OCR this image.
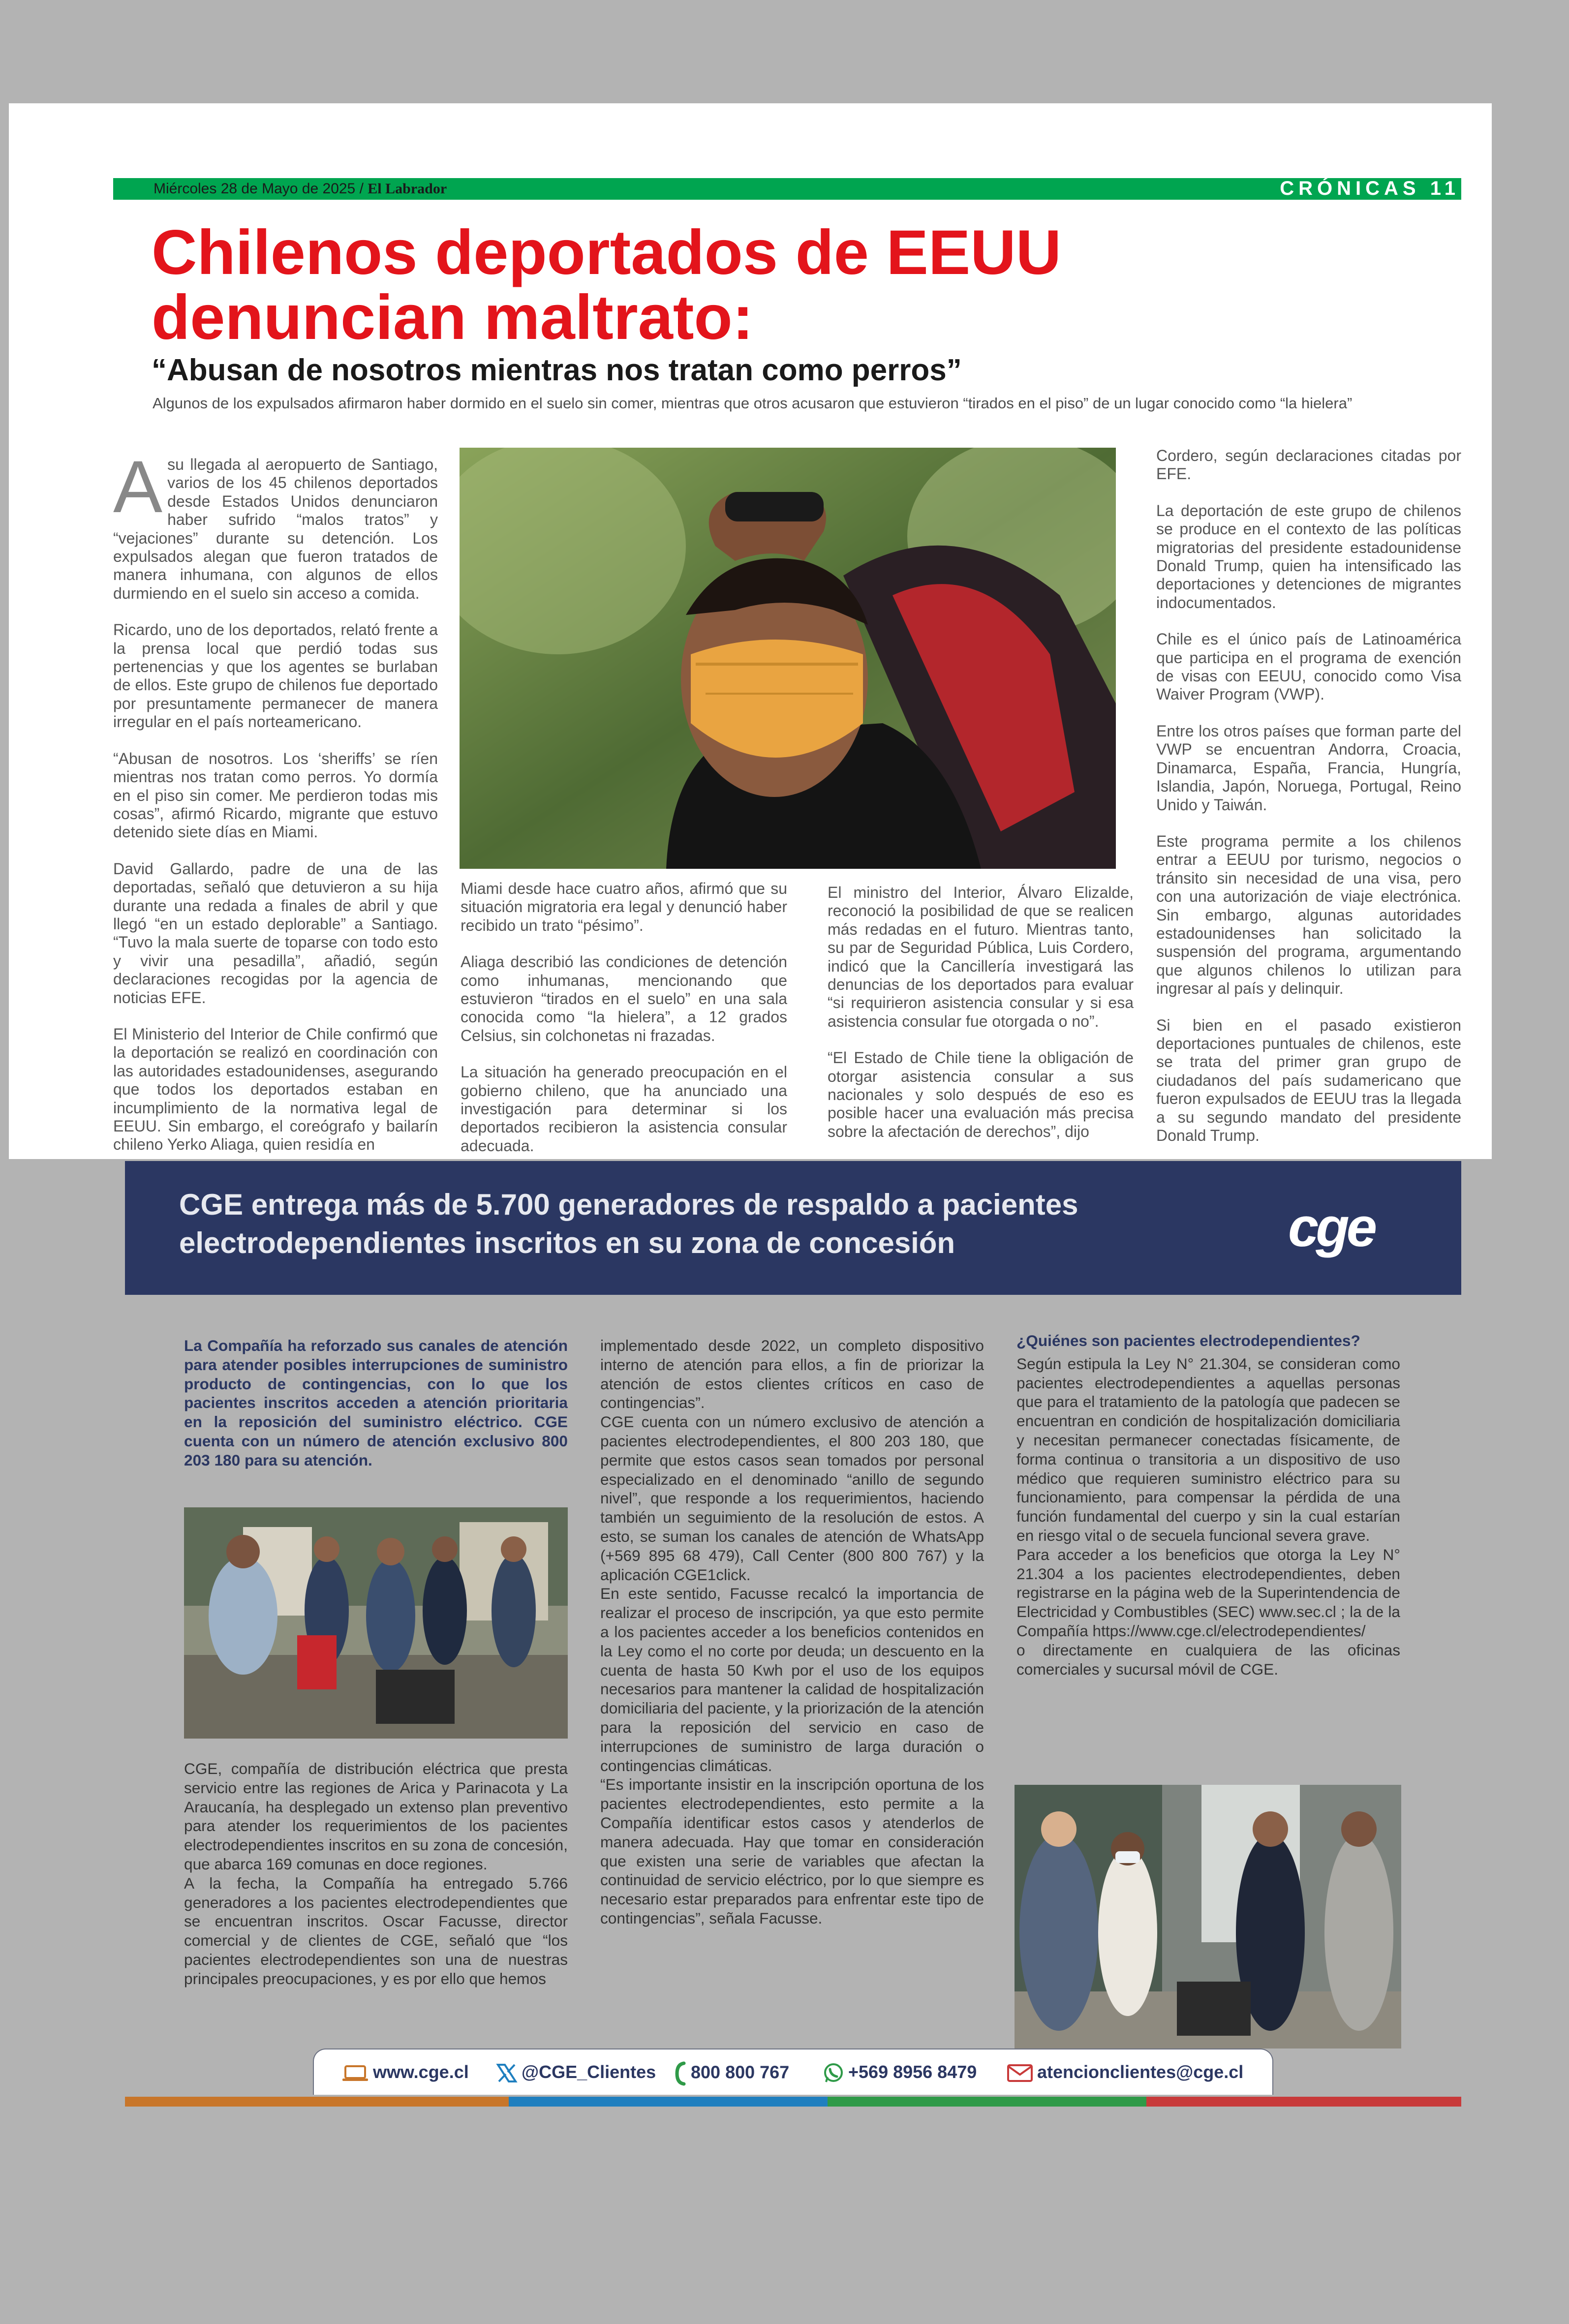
Miércoles 28 de Mayo de 2025 / El Labrador	CRÓNICAS 11
Chilenos deportados de EEUU denuncian maltrato:
“Abusan de nosotros mientras nos tratan como perros”
Algunos de los expulsados afirmaron haber dormido en el suelo sin comer, mientras que otros acusaron que estuvieron “tirados en el piso” de un lugar conocido como “la hielera”

Asu llegada al aeropuerto de Santiago, varios de los 45 chilenos deportados desde Estados Unidos denunciaron haber sufrido “malos tratos” y “vejaciones” durante su detención. Los expulsados alegan que fueron tratados de manera inhumana, con algunos de ellos durmiendo en el suelo sin acceso a comida.

Ricardo, uno de los deportados, relató frente a la prensa local que perdió todas sus pertenencias y que los agentes se burlaban de ellos. Este grupo de chilenos fue deportado por presuntamente permanecer de manera irregular en el país norteamericano.

“Abusan de nosotros. Los ‘sheriffs’ se ríen mientras nos tratan como perros. Yo dormía en el piso sin comer. Me perdieron todas mis cosas”, afirmó Ricardo, migrante que estuvo detenido siete días en Miami.

David Gallardo, padre de una de las deportadas, señaló que detuvieron a su hija durante una redada a finales de abril y que llegó “en un estado deplorable” a Santiago. “Tuvo la mala suerte de toparse con todo esto y vivir una pesadilla”, añadió, según declaraciones recogidas por la agencia de noticias EFE.

El Ministerio del Interior de Chile confirmó que la deportación se realizó en coordinación con las autoridades estadounidenses, asegurando que todos los deportados estaban en incumplimiento de la normativa legal de EEUU. Sin embargo, el coreógrafo y bailarín chileno Yerko Aliaga, quien residía en

Miami desde hace cuatro años, afirmó que su situación migratoria era legal y denunció haber recibido un trato “pésimo”.

Aliaga describió las condiciones de detención como inhumanas, mencionando que estuvieron “tirados en el suelo” en una sala conocida como “la hielera”, a 12 grados Celsius, sin colchonetas ni frazadas.

La situación ha generado preocupación en el gobierno chileno, que ha anunciado una investigación para determinar si los deportados recibieron la asistencia consular adecuada.

El ministro del Interior, Álvaro Elizalde, reconoció la posibilidad de que se realicen más redadas en el futuro. Mientras tanto, su par de Seguridad Pública, Luis Cordero, indicó que la Cancillería investigará las denuncias de los deportados para evaluar “si requirieron asistencia consular y si esa asistencia consular fue otorgada o no”.

“El Estado de Chile tiene la obligación de otorgar asistencia consular a sus nacionales y solo después de eso es posible hacer una evaluación más precisa sobre la afectación de derechos”, dijo

Cordero, según declaraciones citadas por EFE.

La deportación de este grupo de chilenos se produce en el contexto de las políticas migratorias del presidente estadounidense Donald Trump, quien ha intensificado las deportaciones y detenciones de migrantes indocumentados.

Chile es el único país de Latinoamérica que participa en el programa de exención de visas con EEUU, conocido como Visa Waiver Program (VWP).

Entre los otros países que forman parte del VWP se encuentran Andorra, Croacia, Dinamarca, España, Francia, Hungría, Islandia, Japón, Noruega, Portugal, Reino Unido y Taiwán.

Este programa permite a los chilenos entrar a EEUU por turismo, negocios o tránsito sin necesidad de una visa, pero con una autorización de viaje electrónica. Sin embargo, algunas autoridades estadounidenses han solicitado la suspensión del programa, argumentando que algunos chilenos lo utilizan para ingresar al país y delinquir.

Si bien en el pasado existieron deportaciones puntuales de chilenos, este se trata del primer gran grupo de ciudadanos del país sudamericano que fueron expulsados de EEUU tras la llegada a su segundo mandato del presidente Donald Trump.

CGE entrega más de 5.700 generadores de respaldo a pacientes electrodependientes inscritos en su zona de concesión	cge

La Compañía ha reforzado sus canales de atención para atender posibles interrupciones de suministro producto de contingencias, con lo que los pacientes inscritos acceden a atención prioritaria en la reposición del suministro eléctrico. CGE cuenta con un número de atención exclusivo 800 203 180 para su atención.

CGE, compañía de distribución eléctrica que presta servicio entre las regiones de Arica y Parinacota y La Araucanía, ha desplegado un extenso plan preventivo para atender los requerimientos de los pacientes electrodependientes inscritos en su zona de concesión, que abarca 169 comunas en doce regiones.

A la fecha, la Compañía ha entregado 5.766 generadores a los pacientes electrodependientes que se encuentran inscritos. Oscar Facusse, director comercial y de clientes de CGE, señaló que “los pacientes electrodependientes son una de nuestras principales preocupaciones, y es por ello que hemos

implementado desde 2022, un completo dispositivo interno de atención para ellos, a fin de priorizar la atención de estos clientes críticos en caso de contingencias”.

CGE cuenta con un número exclusivo de atención a pacientes electrodependientes, el 800 203 180, que permite que estos casos sean tomados por personal especializado en el denominado “anillo de segundo nivel”, que responde a los requerimientos, haciendo también un seguimiento de la resolución de estos. A esto, se suman los canales de atención de WhatsApp (+569 895 68 479), Call Center (800 800 767) y la aplicación CGE1click.

En este sentido, Facusse recalcó la importancia de realizar el proceso de inscripción, ya que esto permite a los pacientes acceder a los beneficios contenidos en la Ley como el no corte por deuda; un descuento en la cuenta de hasta 50 Kwh por el uso de los equipos necesarios para mantener la calidad de hospitalización domiciliaria del paciente, y la priorización de la atención para la reposición del servicio en caso de interrupciones de suministro de larga duración o contingencias climáticas.

“Es importante insistir en la inscripción oportuna de los pacientes electrodependientes, esto permite a la Compañía identificar estos casos y atenderlos de manera adecuada. Hay que tomar en consideración que existen una serie de variables que afectan la continuidad de servicio eléctrico, por lo que siempre es necesario estar preparados para enfrentar este tipo de contingencias”, señala Facusse.

¿Quiénes son pacientes electrodependientes?

Según estipula la Ley N° 21.304, se consideran como pacientes electrodependientes a aquellas personas que para el tratamiento de la patología que padecen se encuentran en condición de hospitalización domiciliaria y necesitan permanecer conectadas físicamente, de forma continua o transitoria a un dispositivo de uso médico que requieren suministro eléctrico para su funcionamiento, para compensar la pérdida de una función fundamental del cuerpo y sin la cual estarían en riesgo vital o de secuela funcional severa grave.

Para acceder a los beneficios que otorga la Ley N° 21.304 a los pacientes electrodependientes, deben registrarse en la página web de la Superintendencia de Electricidad y Combustibles (SEC) www.sec.cl ; la de la Compañía https://www.cge.cl/electrodependientes/

o directamente en cualquiera de las oficinas comerciales y sucursal móvil de CGE.

www.cge.cl	@CGE_Clientes	800 800 767	+569 8956 8479	atencionclientes@cge.cl
